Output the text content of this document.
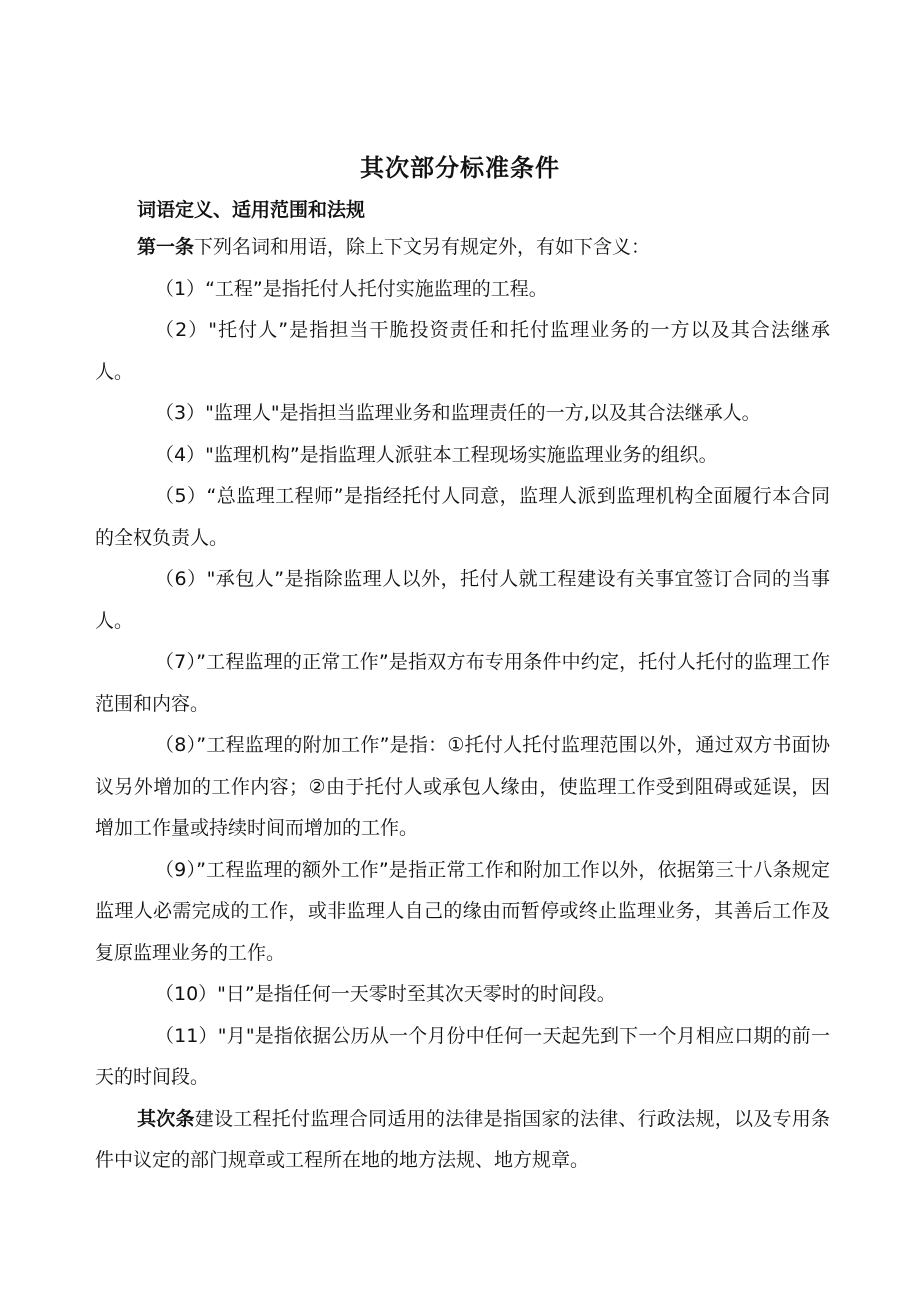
其次部分标准条件
词语定义、适用范围和法规

第一条下列名词和用语，除上下文另有规定外，有如下含义：

（1）“工程”是指托付人托付实施监理的工程。

（2）"托付人”是指担当干脆投资责任和托付监理业务的一方以及其合法继承人。

（3）"监理人"是指担当监理业务和监理责任的一方,以及其合法继承人。

（4）"监理机构”是指监理人派驻本工程现场实施监理业务的组织。

（5）“总监理工程师”是指经托付人同意，监理人派到监理机构全面履行本合同的全权负责人。

（6）"承包人”是指除监理人以外，托付人就工程建设有关事宜签订合同的当事人。

（7）”工程监理的正常工作”是指双方布专用条件中约定，托付人托付的监理工作范围和内容。

（8）”工程监理的附加工作”是指：①托付人托付监理范围以外，通过双方书面协议另外增加的工作内容；②由于托付人或承包人缘由，使监理工作受到阻碍或延误，因增加工作量或持续时间而增加的工作。

（9）”工程监理的额外工作”是指正常工作和附加工作以外，依据第三十八条规定监理人必需完成的工作，或非监理人自己的缘由而暂停或终止监理业务，其善后工作及复原监理业务的工作。

（10）"日”是指任何一天零时至其次天零时的时间段。

（11）"月"是指依据公历从一个月份中任何一天起先到下一个月相应口期的前一天的时间段。

其次条建设工程托付监理合同适用的法律是指国家的法律、行政法规，以及专用条件中议定的部门规章或工程所在地的地方法规、地方规章。
